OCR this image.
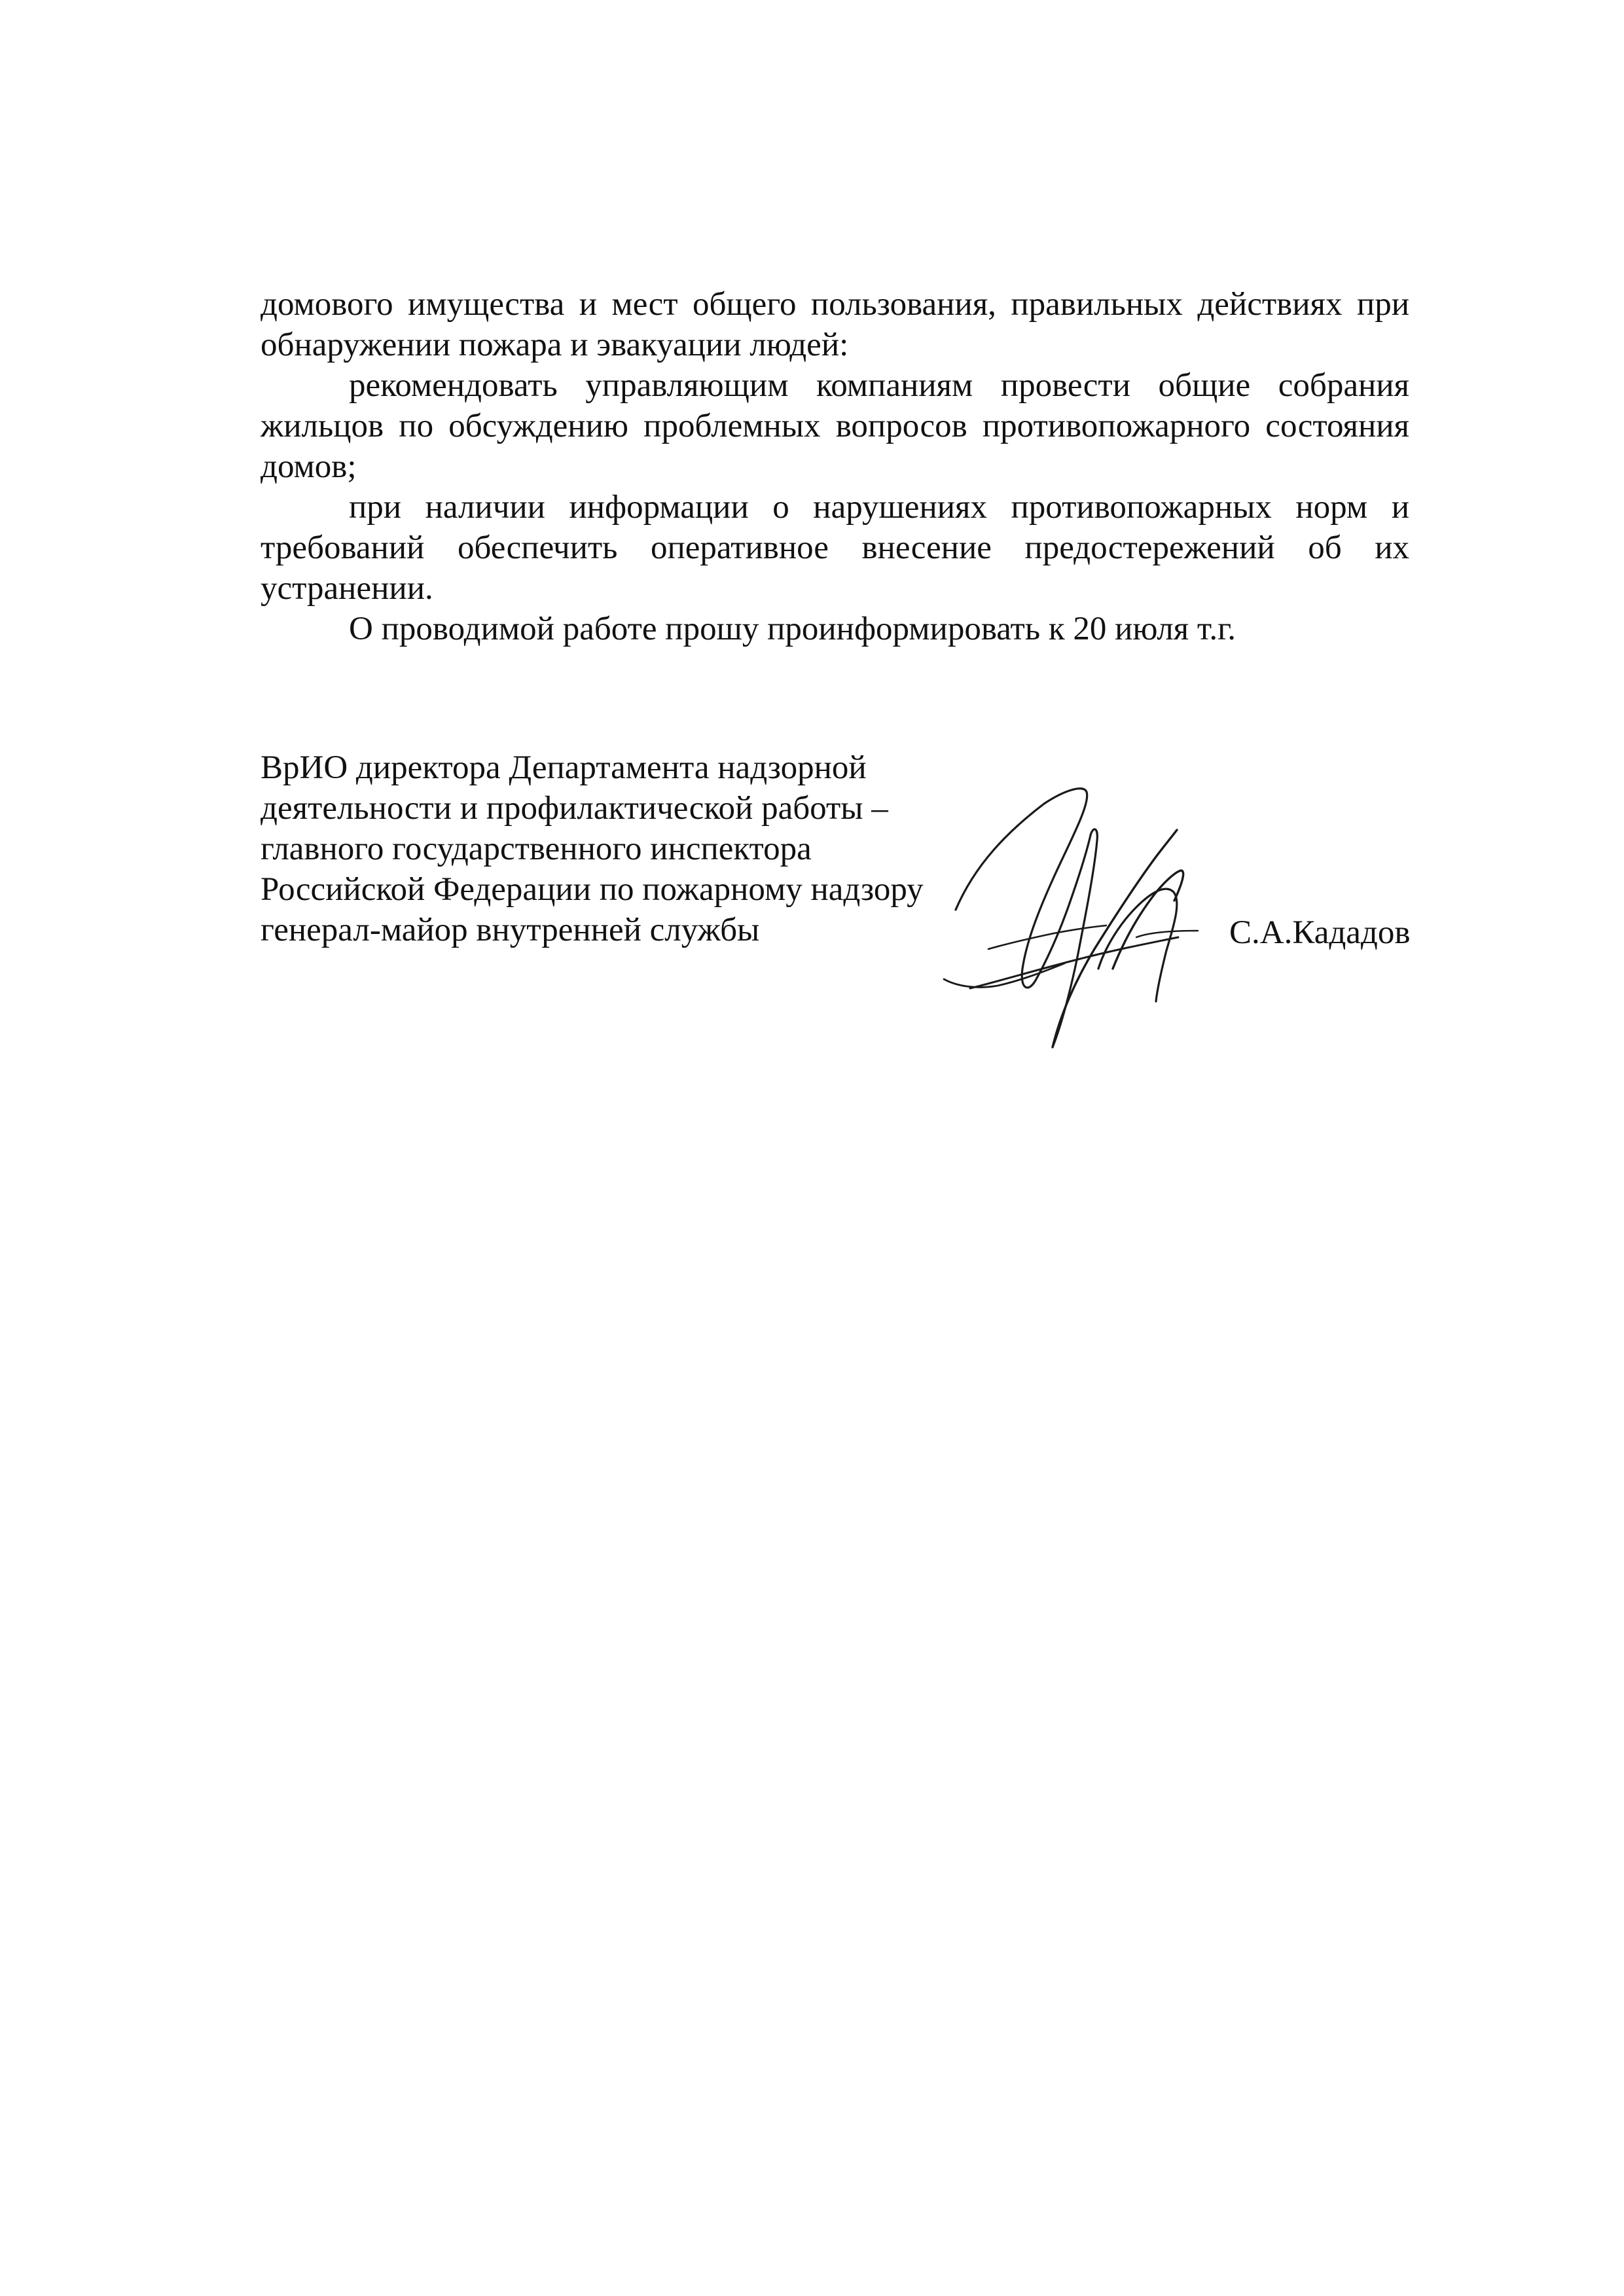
домового имущества и мест общего пользования, правильных действиях при обнаружении пожара и эвакуации людей:

рекомендовать управляющим компаниям провести общие собрания жильцов по обсуждению проблемных вопросов противопожарного состояния домов;

при наличии информации о нарушениях противопожарных норм и требований обеспечить оперативное внесение предостережений об их устранении.

О проводимой работе прошу проинформировать к 20 июля т.г.

ВрИО директора Департамента надзорной
деятельности и профилактической работы –
главного государственного инспектора
Российской Федерации по пожарному надзору
генерал-майор внутренней службы	С.А.Кададов
